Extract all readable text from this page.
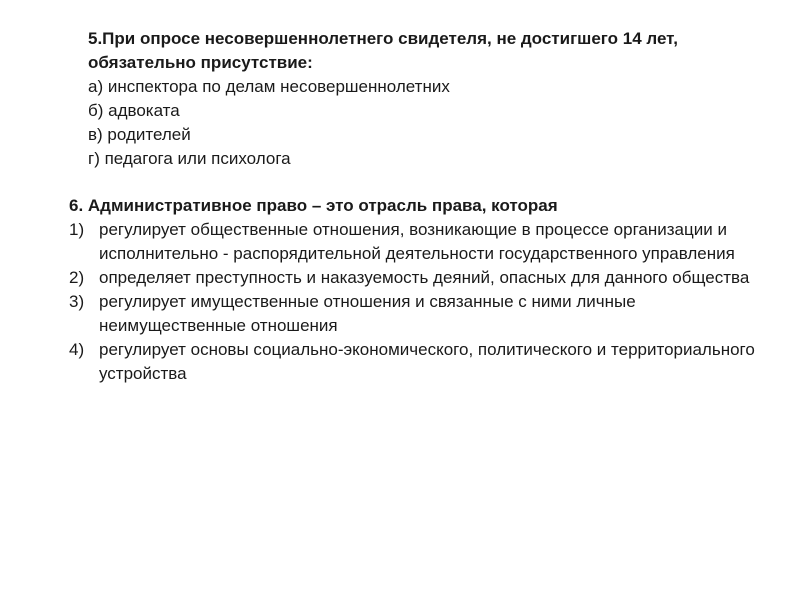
5.При опросе несовершеннолетнего свидетеля, не достигшего 14 лет, обязательно присутствие:

а) инспектора по делам несовершеннолетних

б) адвоката

в) родителей

г) педагога или психолога

6. Административное право – это отрасль права, которая

1) регулирует общественные отношения, возникающие в процессе организации и исполнительно - распорядительной деятельности государственного управления
2) определяет преступность и наказуемость деяний, опасных для данного общества
3) регулирует имущественные отношения и связанные с ними личные неимущественные отношения
4) регулирует основы социально-экономического, политического и территориального устройства
